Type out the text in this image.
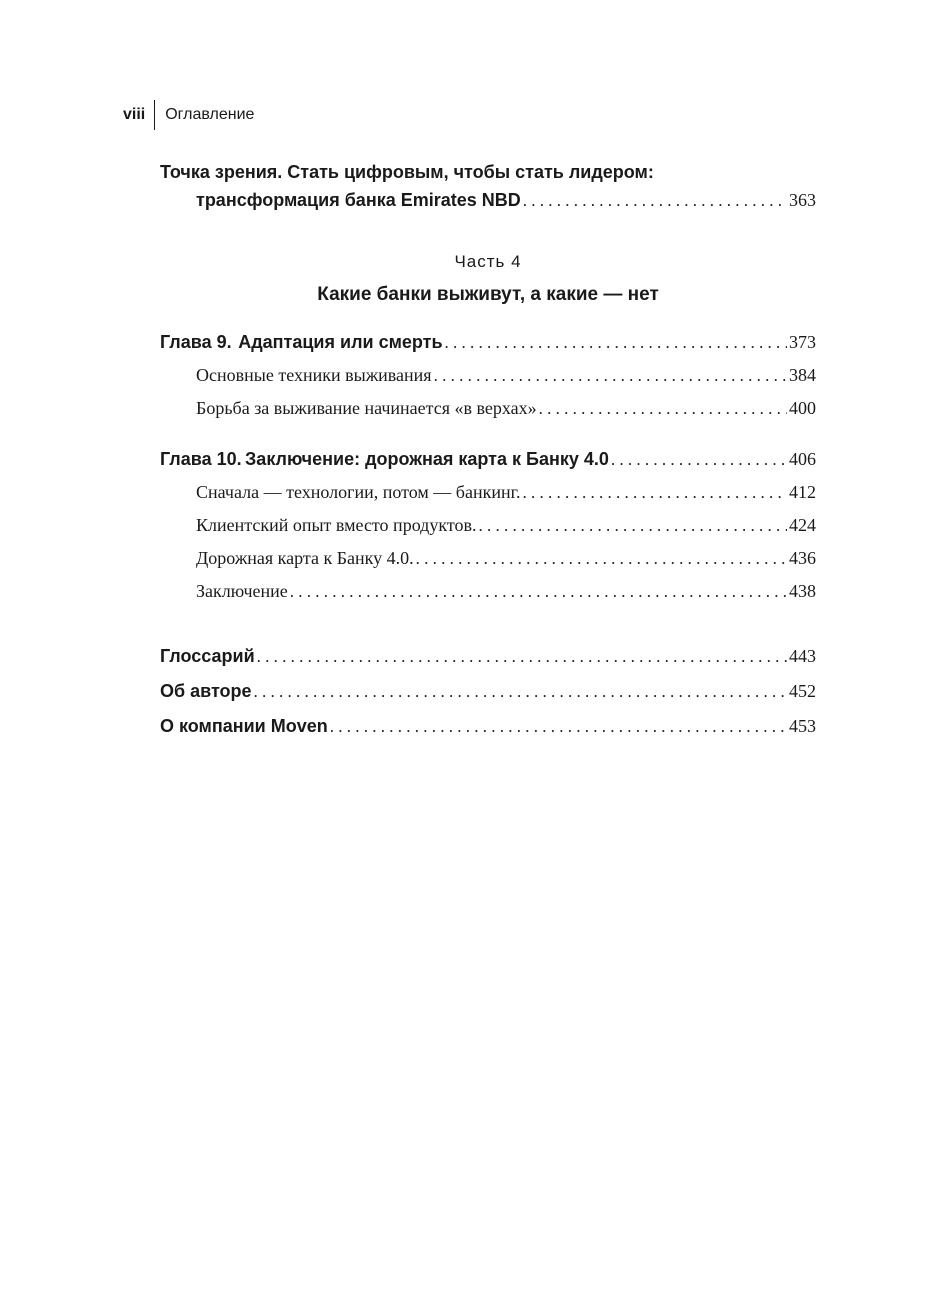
viii	Оглавление
Точка зрения. Стать цифровым, чтобы стать лидером:
трансформация банка Emirates NBD . . .	363
Часть 4
Какие банки выживут, а какие — нет
Глава 9. Адаптация или смерть . . .	373
Основные техники выживания . . .	384
Борьба за выживание начинается «в верхах» . . .	400
Глава 10. Заключение: дорожная карта к Банку 4.0 . . .	406
Сначала — технологии, потом — банкинг. . . .	412
Клиентский опыт вместо продуктов. . . .	424
Дорожная карта к Банку 4.0. . . .	436
Заключение . . .	438
Глоссарий . . .	443
Об авторе . . .	452
О компании Moven . . .	453
